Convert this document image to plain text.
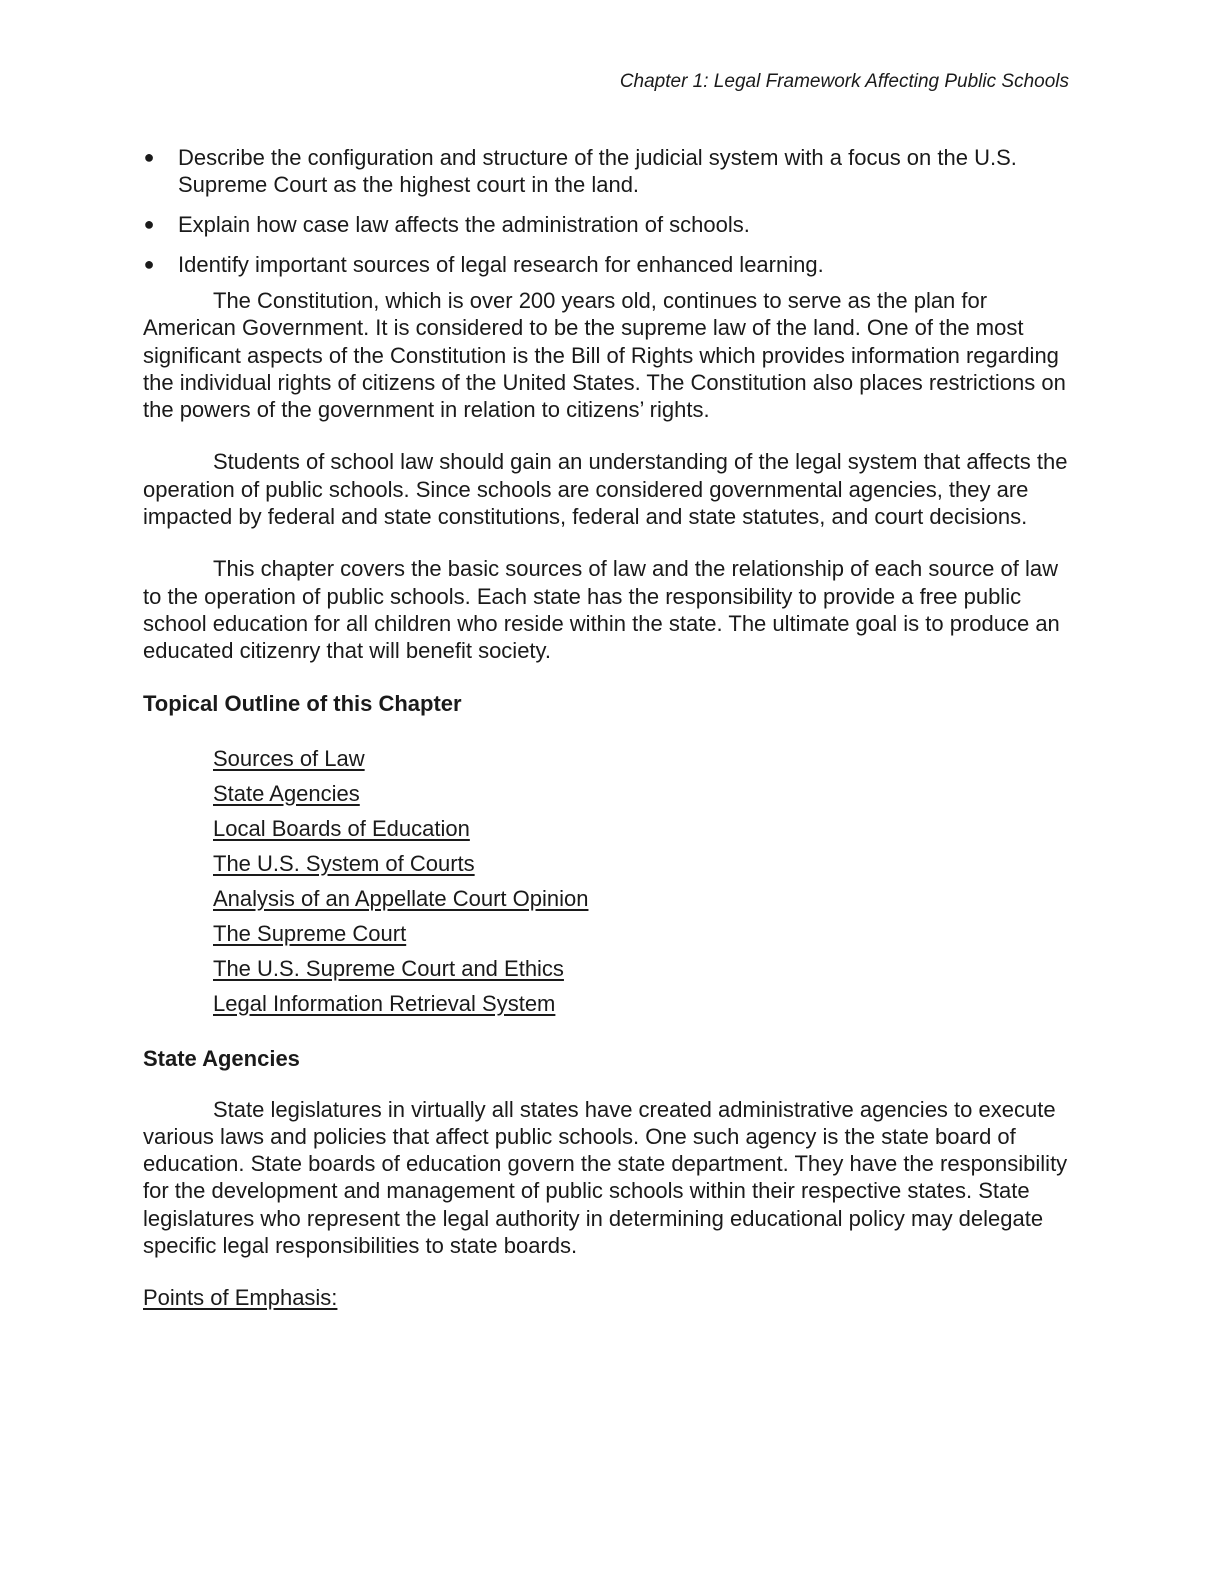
Chapter 1: Legal Framework Affecting Public Schools
● Describe the configuration and structure of the judicial system with a focus on the U.S. Supreme Court as the highest court in the land.
● Explain how case law affects the administration of schools.
● Identify important sources of legal research for enhanced learning.

The Constitution, which is over 200 years old, continues to serve as the plan for American Government. It is considered to be the supreme law of the land. One of the most significant aspects of the Constitution is the Bill of Rights which provides information regarding the individual rights of citizens of the United States. The Constitution also places restrictions on the powers of the government in relation to citizens’ rights.

Students of school law should gain an understanding of the legal system that affects the operation of public schools. Since schools are considered governmental agencies, they are impacted by federal and state constitutions, federal and state statutes, and court decisions.

This chapter covers the basic sources of law and the relationship of each source of law to the operation of public schools. Each state has the responsibility to provide a free public school education for all children who reside within the state. The ultimate goal is to produce an educated citizenry that will benefit society.

Topical Outline of this Chapter
Sources of Law
State Agencies
Local Boards of Education
The U.S. System of Courts
Analysis of an Appellate Court Opinion
The Supreme Court
The U.S. Supreme Court and Ethics
Legal Information Retrieval System
State Agencies

State legislatures in virtually all states have created administrative agencies to execute various laws and policies that affect public schools. One such agency is the state board of education. State boards of education govern the state department. They have the responsibility for the development and management of public schools within their respective states. State legislatures who represent the legal authority in determining educational policy may delegate specific legal responsibilities to state boards.

Points of Emphasis:
